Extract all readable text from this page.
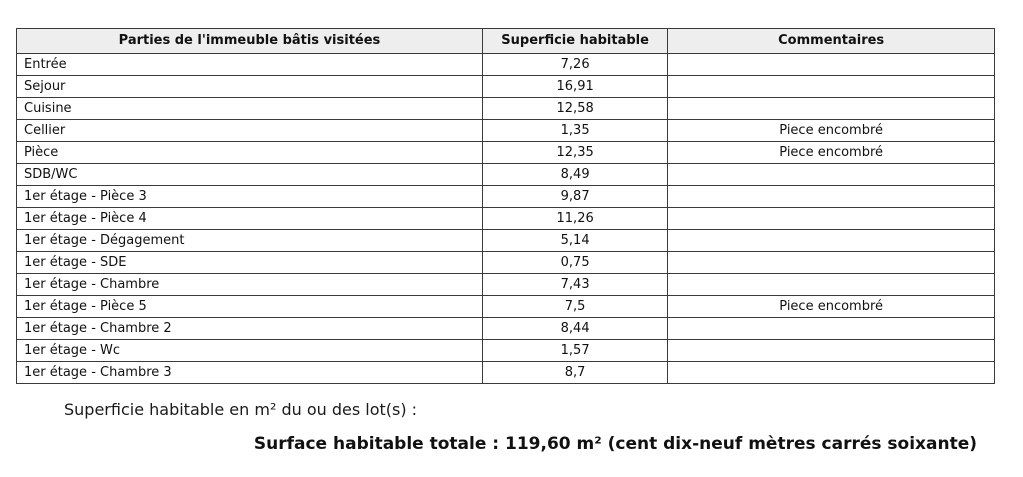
Parties de l'immeuble bâtis visitées	Superficie habitable	Commentaires
Entrée	7,26	
Sejour	16,91	
Cuisine	12,58	
Cellier	1,35	Piece encombré
Pièce	12,35	Piece encombré
SDB/WC	8,49	
1er étage - Pièce 3	9,87	
1er étage - Pièce 4	11,26	
1er étage - Dégagement	5,14	
1er étage - SDE	0,75	
1er étage - Chambre	7,43	
1er étage - Pièce 5	7,5	Piece encombré
1er étage - Chambre 2	8,44	
1er étage - Wc	1,57	
1er étage - Chambre 3	8,7	
Superficie habitable en m² du ou des lot(s) :
Surface habitable totale : 119,60 m² (cent dix-neuf mètres carrés soixante)
